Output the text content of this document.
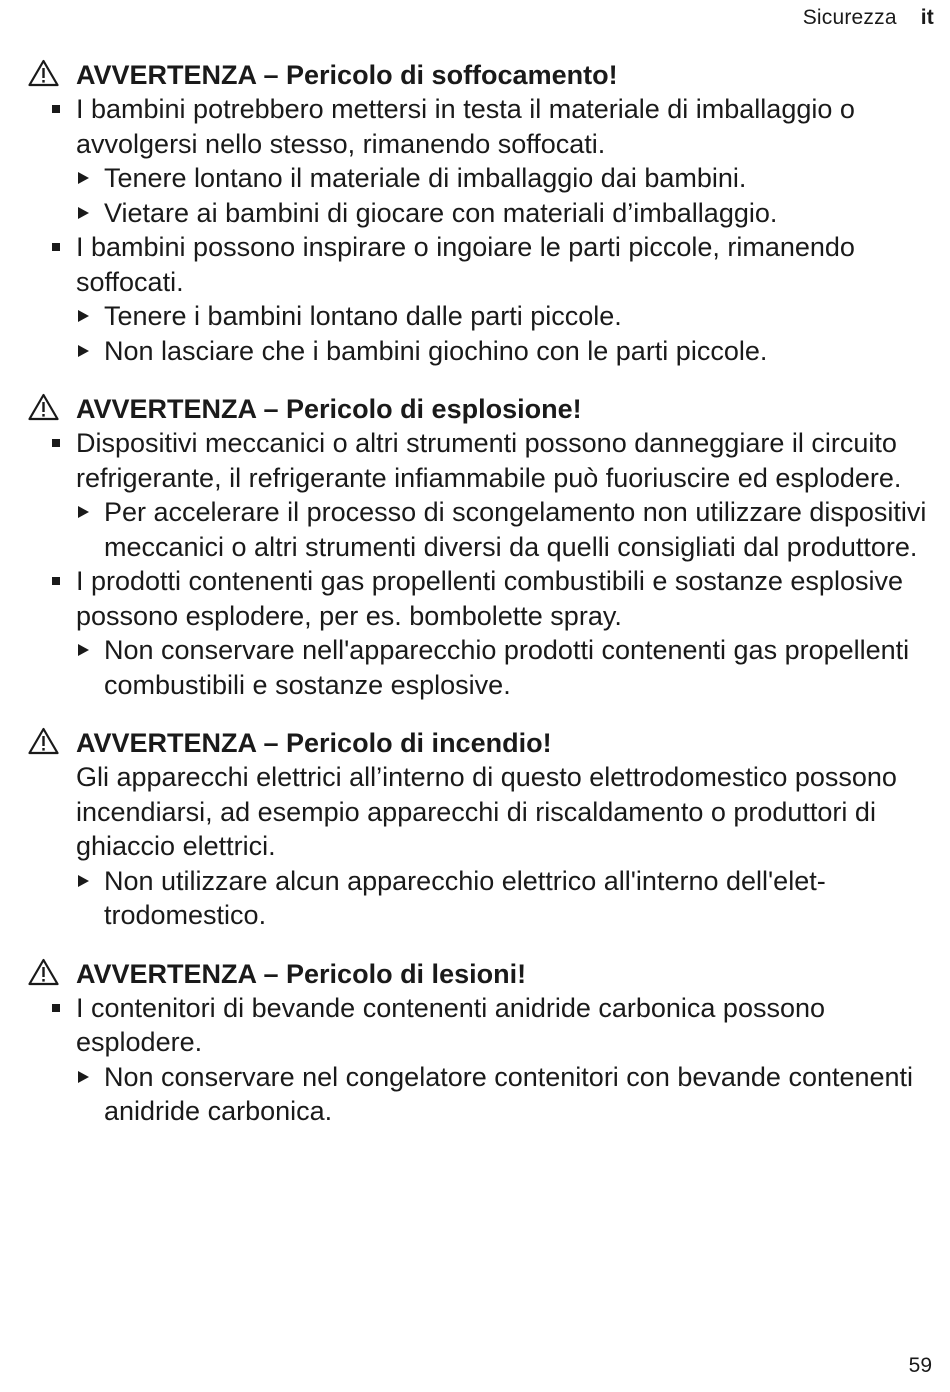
Sicurezza it
AVVERTENZA – Pericolo di soffocamento!
I bambini potrebbero mettersi in testa il materiale di imballaggio o avvolgersi nello stesso, rimanendo soffocati.
Tenere lontano il materiale di imballaggio dai bambini.
Vietare ai bambini di giocare con materiali d’imballaggio.
I bambini possono inspirare o ingoiare le parti piccole, rimanendo soffocati.
Tenere i bambini lontano dalle parti piccole.
Non lasciare che i bambini giochino con le parti piccole.
AVVERTENZA – Pericolo di esplosione!
Dispositivi meccanici o altri strumenti possono danneggiare il circuito refrigerante, il refrigerante infiammabile può fuoriuscire ed esplodere.
Per accelerare il processo di scongelamento non utilizzare dispositivi meccanici o altri strumenti diversi da quelli consigliati dal produttore.
I prodotti contenenti gas propellenti combustibili e sostanze esplosive possono esplodere, per es. bombolette spray.
Non conservare nell'apparecchio prodotti contenenti gas propellenti combustibili e sostanze esplosive.
AVVERTENZA – Pericolo di incendio!
Gli apparecchi elettrici all’interno di questo elettrodomestico possono incendiarsi, ad esempio apparecchi di riscaldamento o produttori di ghiaccio elettrici.
Non utilizzare alcun apparecchio elettrico all'interno dell'elettrodomestico.
AVVERTENZA – Pericolo di lesioni!
I contenitori di bevande contenenti anidride carbonica possono esplodere.
Non conservare nel congelatore contenitori con bevande contenenti anidride carbonica.
59
